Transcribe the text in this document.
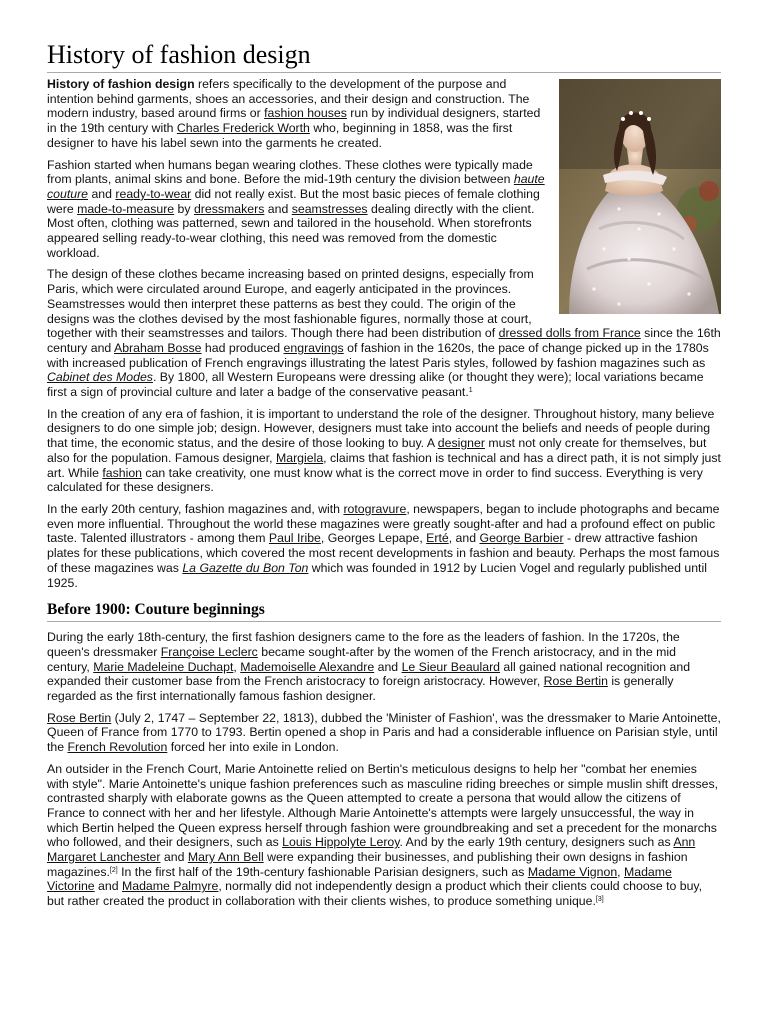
History of fashion design

History of fashion design refers specifically to the development of the purpose and intention behind garments, shoes an accessories, and their design and construction. The modern industry, based around firms or fashion houses run by individual designers, started in the 19th century with Charles Frederick Worth who, beginning in 1858, was the first designer to have his label sewn into the garments he created.

Fashion started when humans began wearing clothes. These clothes were typically made from plants, animal skins and bone. Before the mid-19th century the division between haute couture and ready-to-wear did not really exist. But the most basic pieces of female clothing were made-to-measure by dressmakers and seamstresses dealing directly with the client. Most often, clothing was patterned, sewn and tailored in the household. When storefronts appeared selling ready-to-wear clothing, this need was removed from the domestic workload.

The design of these clothes became increasing based on printed designs, especially from Paris, which were circulated around Europe, and eagerly anticipated in the provinces. Seamstresses would then interpret these patterns as best they could. The origin of the designs was the clothes devised by the most fashionable figures, normally those at court, together with their seamstresses and tailors. Though there had been distribution of dressed dolls from France since the 16th century and Abraham Bosse had produced engravings of fashion in the 1620s, the pace of change picked up in the 1780s with increased publication of French engravings illustrating the latest Paris styles, followed by fashion magazines such as Cabinet des Modes. By 1800, all Western Europeans were dressing alike (or thought they were); local variations became first a sign of provincial culture and later a badge of the conservative peasant.$^1$

In the creation of any era of fashion, it is important to understand the role of the designer. Throughout history, many believe designers to do one simple job; design. However, designers must take into account the beliefs and needs of people during that time, the economic status, and the desire of those looking to buy. A designer must not only create for themselves, but also for the population. Famous designer, Margiela, claims that fashion is technical and has a direct path, it is not simply just art. While fashion can take creativity, one must know what is the correct move in order to find success. Everything is very calculated for these designers.

In the early 20th century, fashion magazines and, with rotogravure, newspapers, began to include photographs and became even more influential. Throughout the world these magazines were greatly sought-after and had a profound effect on public taste. Talented illustrators - among them Paul Iribe, Georges Lepape, Erté, and George Barbier - drew attractive fashion plates for these publications, which covered the most recent developments in fashion and beauty. Perhaps the most famous of these magazines was La Gazette du Bon Ton which was founded in 1912 by Lucien Vogel and regularly published until 1925.

Before 1900: Couture beginnings

During the early 18th-century, the first fashion designers came to the fore as the leaders of fashion. In the 1720s, the queen's dressmaker Françoise Leclerc became sought-after by the women of the French aristocracy, and in the mid century, Marie Madeleine Duchapt, Mademoiselle Alexandre and Le Sieur Beaulard all gained national recognition and expanded their customer base from the French aristocracy to foreign aristocracy. However, Rose Bertin is generally regarded as the first internationally famous fashion designer.

Rose Bertin (July 2, 1747 – September 22, 1813), dubbed the 'Minister of Fashion', was the dressmaker to Marie Antoinette, Queen of France from 1770 to 1793. Bertin opened a shop in Paris and had a considerable influence on Parisian style, until the French Revolution forced her into exile in London.

An outsider in the French Court, Marie Antoinette relied on Bertin's meticulous designs to help her "combat her enemies with style". Marie Antoinette's unique fashion preferences such as masculine riding breeches or simple muslin shift dresses, contrasted sharply with elaborate gowns as the Queen attempted to create a persona that would allow the citizens of France to connect with her and her lifestyle. Although Marie Antoinette's attempts were largely unsuccessful, the way in which Bertin helped the Queen express herself through fashion were groundbreaking and set a precedent for the monarchs who followed, and their designers, such as Louis Hippolyte Leroy. And by the early 19th century, designers such as Ann Margaret Lanchester and Mary Ann Bell were expanding their businesses, and publishing their own designs in fashion magazines.[2] In the first half of the 19th-century fashionable Parisian designers, such as Madame Vignon, Madame Victorine and Madame Palmyre, normally did not independently design a product which their clients could choose to buy, but rather created the product in collaboration with their clients wishes, to produce something unique.[3]
